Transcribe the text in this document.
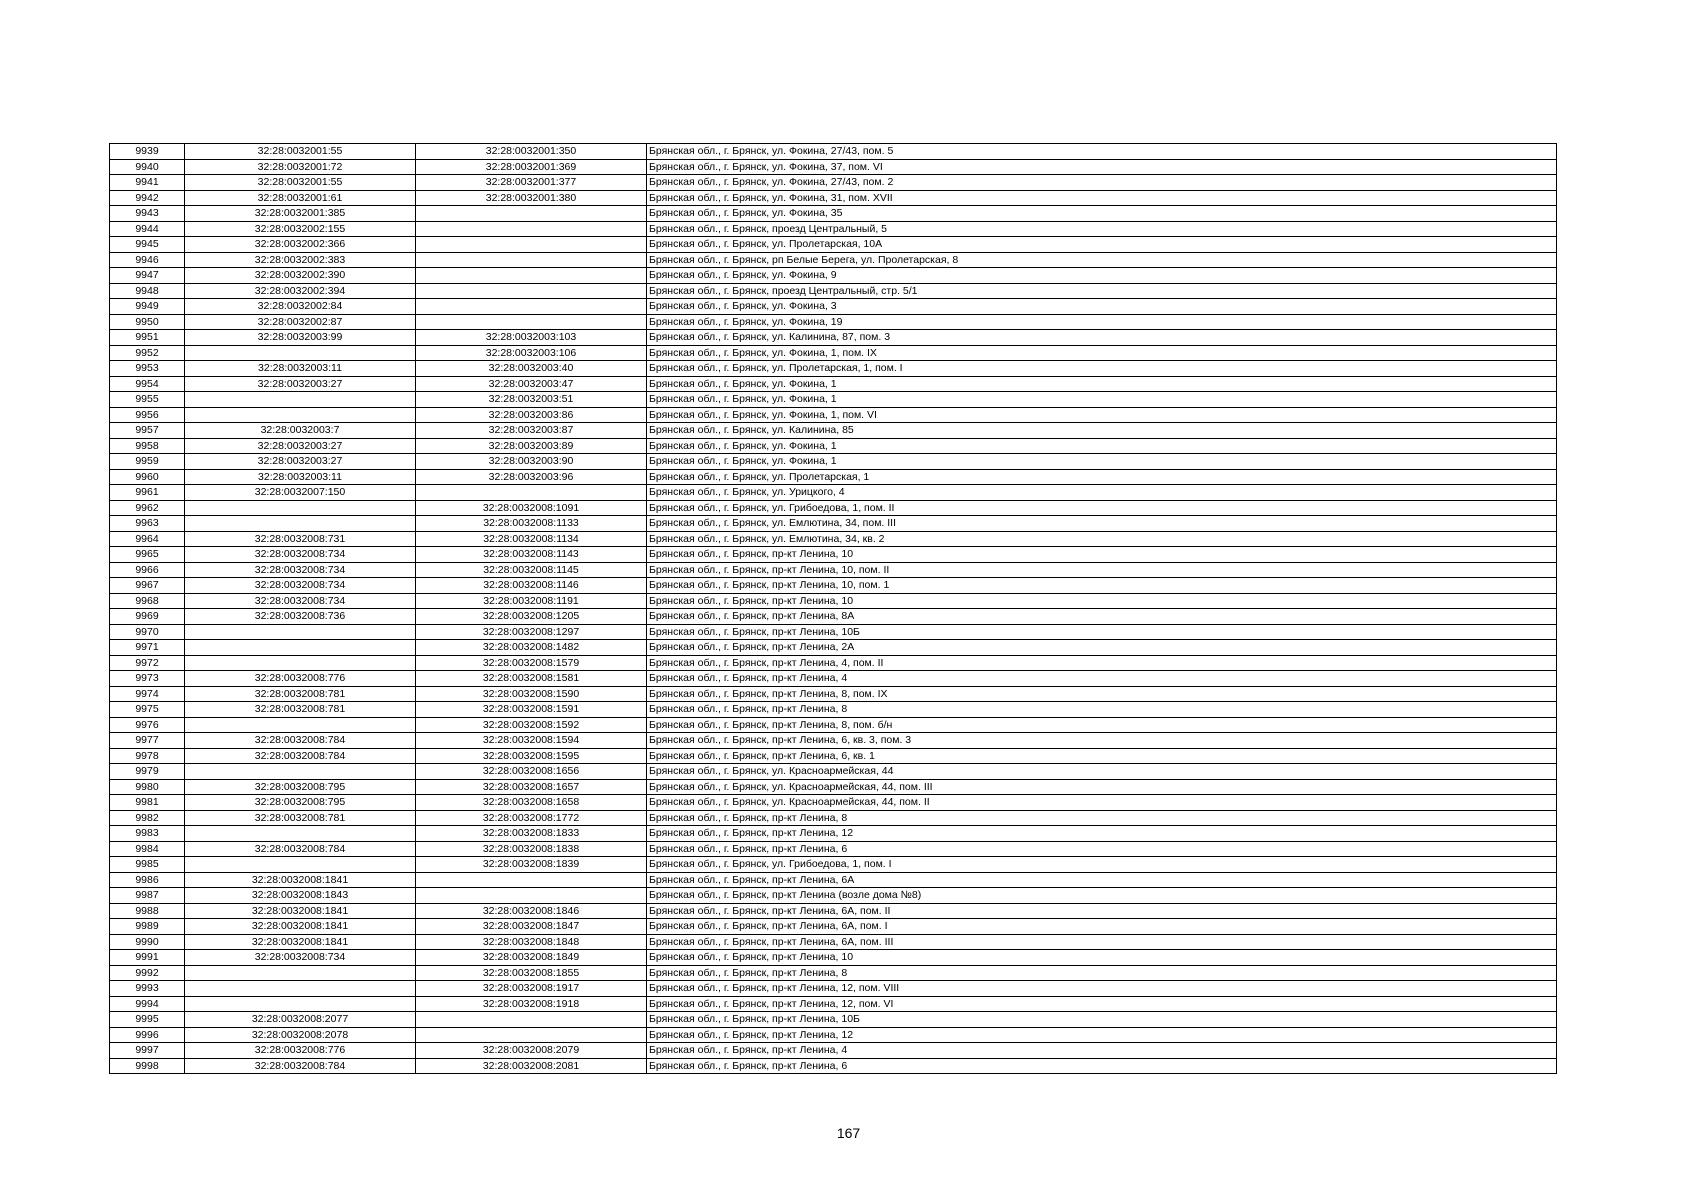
9939	32:28:0032001:55	32:28:0032001:350	Брянская обл., г. Брянск, ул. Фокина, 27/43, пом. 5
9940	32:28:0032001:72	32:28:0032001:369	Брянская обл., г. Брянск, ул. Фокина, 37, пом. VI
9941	32:28:0032001:55	32:28:0032001:377	Брянская обл., г. Брянск, ул. Фокина, 27/43, пом. 2
9942	32:28:0032001:61	32:28:0032001:380	Брянская обл., г. Брянск, ул. Фокина, 31, пом. XVII
9943	32:28:0032001:385		Брянская обл., г. Брянск, ул. Фокина, 35
9944	32:28:0032002:155		Брянская обл., г. Брянск, проезд Центральный, 5
9945	32:28:0032002:366		Брянская обл., г. Брянск, ул. Пролетарская, 10А
9946	32:28:0032002:383		Брянская обл., г. Брянск, рп Белые Берега, ул. Пролетарская, 8
9947	32:28:0032002:390		Брянская обл., г. Брянск, ул. Фокина, 9
9948	32:28:0032002:394		Брянская обл., г. Брянск, проезд Центральный, стр. 5/1
9949	32:28:0032002:84		Брянская обл., г. Брянск, ул. Фокина, 3
9950	32:28:0032002:87		Брянская обл., г. Брянск, ул. Фокина, 19
9951	32:28:0032003:99	32:28:0032003:103	Брянская обл., г. Брянск, ул. Калинина, 87, пом. 3
9952		32:28:0032003:106	Брянская обл., г. Брянск, ул. Фокина, 1, пом. IX
9953	32:28:0032003:11	32:28:0032003:40	Брянская обл., г. Брянск, ул. Пролетарская, 1, пом. I
9954	32:28:0032003:27	32:28:0032003:47	Брянская обл., г. Брянск, ул. Фокина, 1
9955		32:28:0032003:51	Брянская обл., г. Брянск, ул. Фокина, 1
9956		32:28:0032003:86	Брянская обл., г. Брянск, ул. Фокина, 1, пом. VI
9957	32:28:0032003:7	32:28:0032003:87	Брянская обл., г. Брянск, ул. Калинина, 85
9958	32:28:0032003:27	32:28:0032003:89	Брянская обл., г. Брянск, ул. Фокина, 1
9959	32:28:0032003:27	32:28:0032003:90	Брянская обл., г. Брянск, ул. Фокина, 1
9960	32:28:0032003:11	32:28:0032003:96	Брянская обл., г. Брянск, ул. Пролетарская, 1
9961	32:28:0032007:150		Брянская обл., г. Брянск, ул. Урицкого, 4
9962		32:28:0032008:1091	Брянская обл., г. Брянск, ул. Грибоедова, 1, пом. II
9963		32:28:0032008:1133	Брянская обл., г. Брянск, ул. Емлютина, 34, пом. III
9964	32:28:0032008:731	32:28:0032008:1134	Брянская обл., г. Брянск, ул. Емлютина, 34, кв. 2
9965	32:28:0032008:734	32:28:0032008:1143	Брянская обл., г. Брянск, пр-кт Ленина, 10
9966	32:28:0032008:734	32:28:0032008:1145	Брянская обл., г. Брянск, пр-кт Ленина, 10, пом. II
9967	32:28:0032008:734	32:28:0032008:1146	Брянская обл., г. Брянск, пр-кт Ленина, 10, пом. 1
9968	32:28:0032008:734	32:28:0032008:1191	Брянская обл., г. Брянск, пр-кт Ленина, 10
9969	32:28:0032008:736	32:28:0032008:1205	Брянская обл., г. Брянск, пр-кт Ленина, 8А
9970		32:28:0032008:1297	Брянская обл., г. Брянск, пр-кт Ленина, 10Б
9971		32:28:0032008:1482	Брянская обл., г. Брянск, пр-кт Ленина, 2А
9972		32:28:0032008:1579	Брянская обл., г. Брянск, пр-кт Ленина, 4, пом. II
9973	32:28:0032008:776	32:28:0032008:1581	Брянская обл., г. Брянск, пр-кт Ленина, 4
9974	32:28:0032008:781	32:28:0032008:1590	Брянская обл., г. Брянск, пр-кт Ленина, 8, пом. IX
9975	32:28:0032008:781	32:28:0032008:1591	Брянская обл., г. Брянск, пр-кт Ленина, 8
9976		32:28:0032008:1592	Брянская обл., г. Брянск, пр-кт Ленина, 8, пом. б/н
9977	32:28:0032008:784	32:28:0032008:1594	Брянская обл., г. Брянск, пр-кт Ленина, 6, кв. 3, пом. 3
9978	32:28:0032008:784	32:28:0032008:1595	Брянская обл., г. Брянск, пр-кт Ленина, 6, кв. 1
9979		32:28:0032008:1656	Брянская обл., г. Брянск, ул. Красноармейская, 44
9980	32:28:0032008:795	32:28:0032008:1657	Брянская обл., г. Брянск, ул. Красноармейская, 44, пом. III
9981	32:28:0032008:795	32:28:0032008:1658	Брянская обл., г. Брянск, ул. Красноармейская, 44, пом. II
9982	32:28:0032008:781	32:28:0032008:1772	Брянская обл., г. Брянск, пр-кт Ленина, 8
9983		32:28:0032008:1833	Брянская обл., г. Брянск, пр-кт Ленина, 12
9984	32:28:0032008:784	32:28:0032008:1838	Брянская обл., г. Брянск, пр-кт Ленина, 6
9985		32:28:0032008:1839	Брянская обл., г. Брянск, ул. Грибоедова, 1, пом. I
9986	32:28:0032008:1841		Брянская обл., г. Брянск, пр-кт Ленина, 6А
9987	32:28:0032008:1843		Брянская обл., г. Брянск, пр-кт Ленина (возле дома №8)
9988	32:28:0032008:1841	32:28:0032008:1846	Брянская обл., г. Брянск, пр-кт Ленина, 6А, пом. II
9989	32:28:0032008:1841	32:28:0032008:1847	Брянская обл., г. Брянск, пр-кт Ленина, 6А, пом. I
9990	32:28:0032008:1841	32:28:0032008:1848	Брянская обл., г. Брянск, пр-кт Ленина, 6А, пом. III
9991	32:28:0032008:734	32:28:0032008:1849	Брянская обл., г. Брянск, пр-кт Ленина, 10
9992		32:28:0032008:1855	Брянская обл., г. Брянск, пр-кт Ленина, 8
9993		32:28:0032008:1917	Брянская обл., г. Брянск, пр-кт Ленина, 12, пом. VIII
9994		32:28:0032008:1918	Брянская обл., г. Брянск, пр-кт Ленина, 12, пом. VI
9995	32:28:0032008:2077		Брянская обл., г. Брянск, пр-кт Ленина, 10Б
9996	32:28:0032008:2078		Брянская обл., г. Брянск, пр-кт Ленина, 12
9997	32:28:0032008:776	32:28:0032008:2079	Брянская обл., г. Брянск, пр-кт Ленина, 4
9998	32:28:0032008:784	32:28:0032008:2081	Брянская обл., г. Брянск, пр-кт Ленина, 6
167
